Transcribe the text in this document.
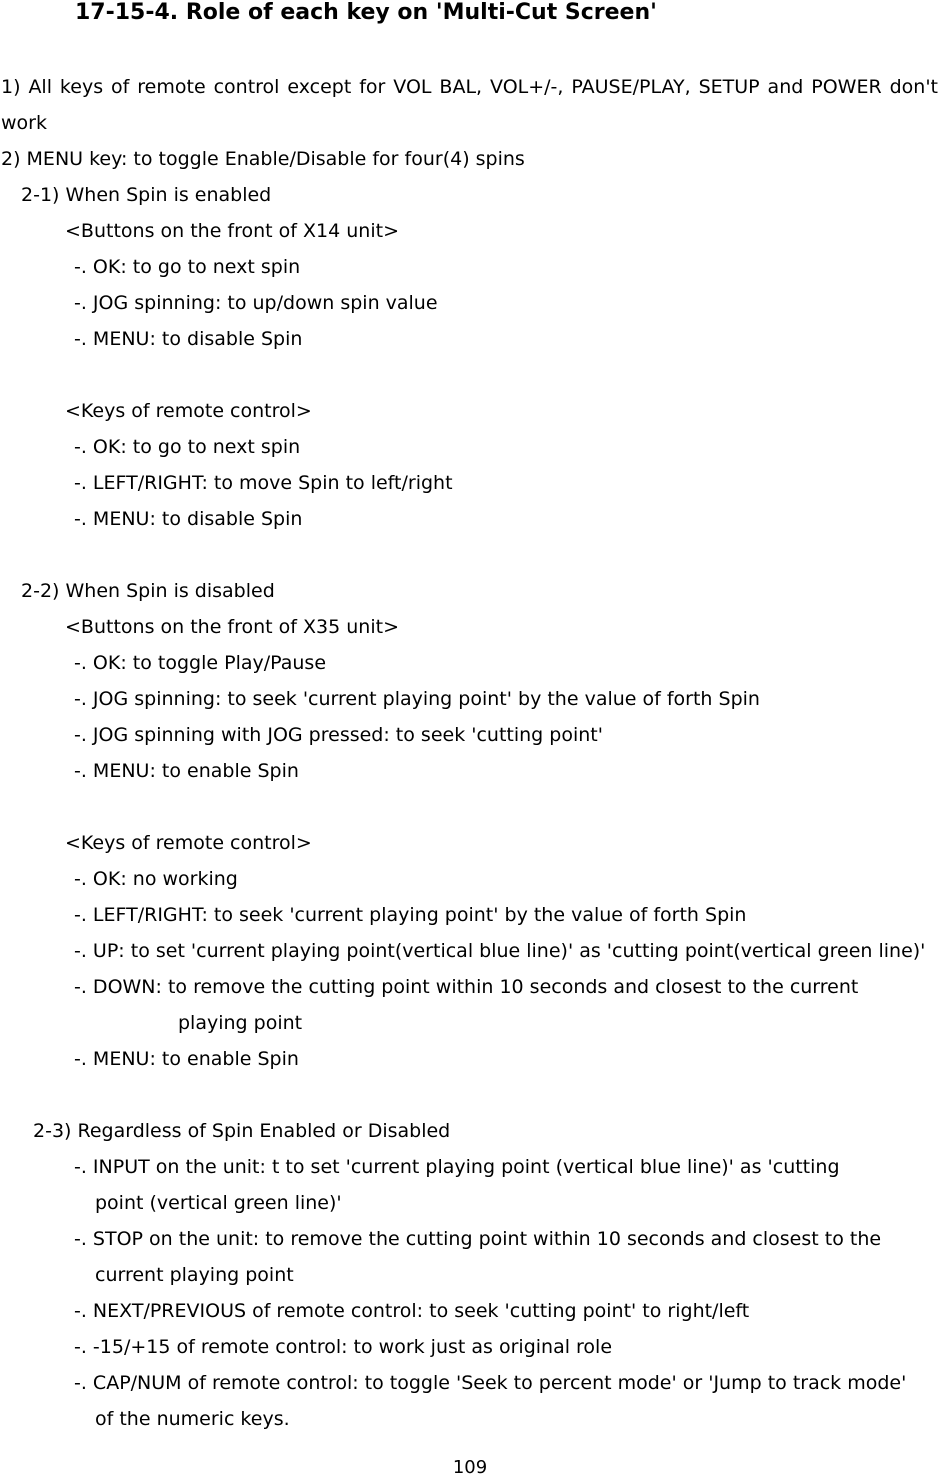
17-15-4. Role of each key on 'Multi-Cut Screen'
1) All keys of remote control except for VOL BAL, VOL+/-, PAUSE/PLAY, SETUP and POWER don't
work
2) MENU key: to toggle Enable/Disable for four(4) spins
2-1) When Spin is enabled
<Buttons on the front of X14 unit>
-. OK: to go to next spin
-. JOG spinning: to up/down spin value
-. MENU: to disable Spin
<Keys of remote control>
-. OK: to go to next spin
-. LEFT/RIGHT: to move Spin to left/right
-. MENU: to disable Spin
2-2) When Spin is disabled
<Buttons on the front of X35 unit>
-. OK: to toggle Play/Pause
-. JOG spinning: to seek 'current playing point' by the value of forth Spin
-. JOG spinning with JOG pressed: to seek 'cutting point'
-. MENU: to enable Spin
<Keys of remote control>
-. OK: no working
-. LEFT/RIGHT: to seek 'current playing point' by the value of forth Spin
-. UP: to set 'current playing point(vertical blue line)' as 'cutting point(vertical green line)'
-. DOWN: to remove the cutting point within 10 seconds and closest to the current
playing point
-. MENU: to enable Spin
2-3) Regardless of Spin Enabled or Disabled
-. INPUT on the unit: t to set 'current playing point (vertical blue line)' as 'cutting
point (vertical green line)'
-. STOP on the unit: to remove the cutting point within 10 seconds and closest to the
current playing point
-. NEXT/PREVIOUS of remote control: to seek 'cutting point' to right/left
-. -15/+15 of remote control: to work just as original role
-. CAP/NUM of remote control: to toggle 'Seek to percent mode' or 'Jump to track mode'
of the numeric keys.
109
